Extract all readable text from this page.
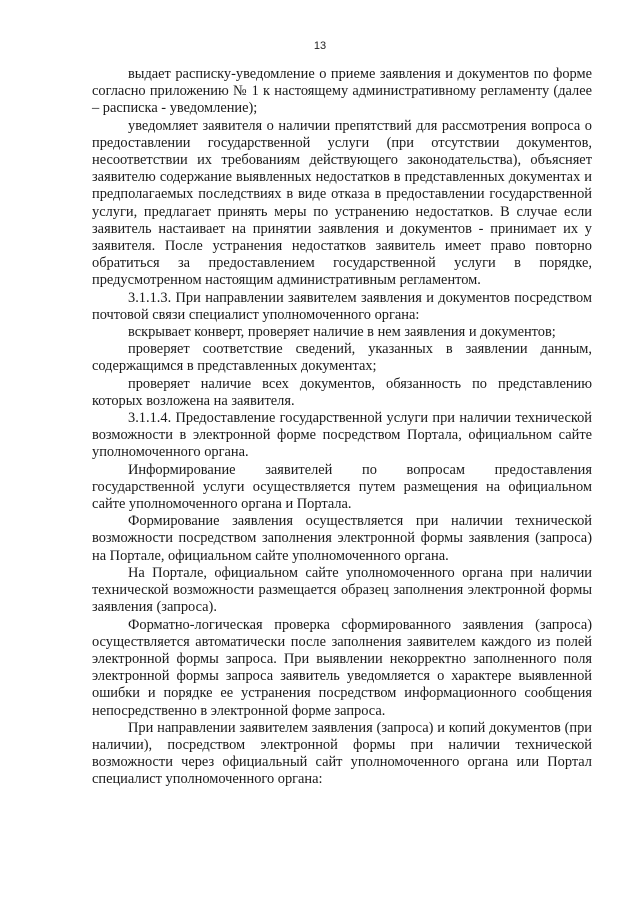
13

выдает расписку-уведомление о приеме заявления и документов по форме согласно приложению № 1 к настоящему административному регламенту (далее – расписка - уведомление);

уведомляет заявителя о наличии препятствий для рассмотрения вопроса о предоставлении государственной услуги (при отсутствии документов, несоответствии их требованиям действующего законодательства), объясняет заявителю содержание выявленных недостатков в представленных документах и предполагаемых последствиях в виде отказа в предоставлении государственной услуги, предлагает принять меры по устранению недостатков. В случае если заявитель настаивает на принятии заявления и документов - принимает их у заявителя. После устранения недостатков заявитель имеет право повторно обратиться за предоставлением государственной услуги в порядке, предусмотренном настоящим административным регламентом.

3.1.1.3. При направлении заявителем заявления и документов посредством почтовой связи специалист уполномоченного органа:

вскрывает конверт, проверяет наличие в нем заявления и документов;

проверяет соответствие сведений, указанных в заявлении данным, содержащимся в представленных документах;

проверяет наличие всех документов, обязанность по представлению которых возложена на заявителя.

3.1.1.4. Предоставление государственной услуги при наличии технической возможности в электронной форме посредством Портала, официальном сайте уполномоченного органа.

Информирование заявителей по вопросам предоставления государственной услуги осуществляется путем размещения на официальном сайте уполномоченного органа и Портала.

Формирование заявления осуществляется при наличии технической возможности посредством заполнения электронной формы заявления (запроса) на Портале, официальном сайте уполномоченного органа.

На Портале, официальном сайте уполномоченного органа при наличии технической возможности размещается образец заполнения электронной формы заявления (запроса).

Форматно-логическая проверка сформированного заявления (запроса) осуществляется автоматически после заполнения заявителем каждого из полей электронной формы запроса. При выявлении некорректно заполненного поля электронной формы запроса заявитель уведомляется о характере выявленной ошибки и порядке ее устранения посредством информационного сообщения непосредственно в электронной форме запроса.

При направлении заявителем заявления (запроса) и копий документов (при наличии), посредством электронной формы при наличии технической возможности через официальный сайт уполномоченного органа или Портал специалист уполномоченного органа:
